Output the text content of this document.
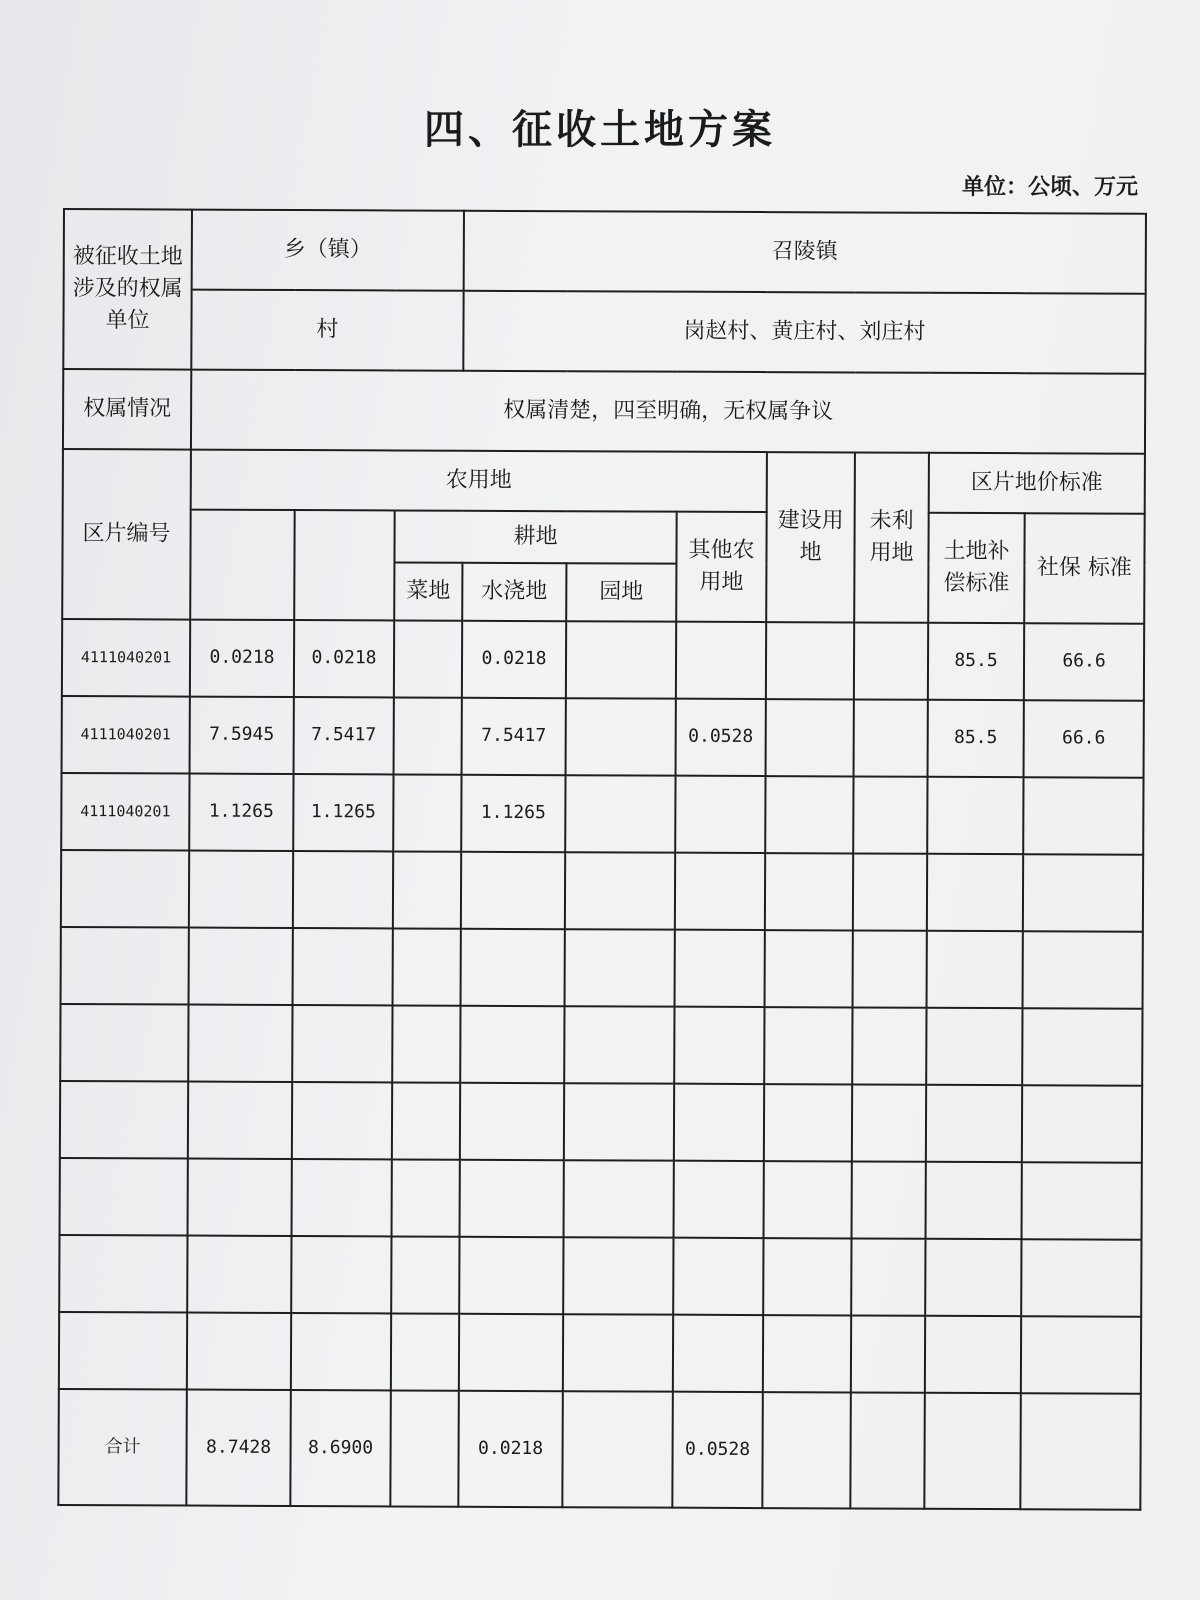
四、征收土地方案
单位：公顷、万元
被征收土地涉及的权属单位	乡（镇）			召陵镇						
	村			岗赵村、黄庄村、刘庄村						
权属情况	权属清楚，四至明确，无权属争议									
区片编号	农用地						建设用地	未利用地	区片地价标准	
			耕地			其他农用地			土地补偿标准	社保 标准
			菜地	水浇地	园地					
4111040201	0.0218	0.0218		0.0218					85.5	66.6
4111040201	7.5945	7.5417		7.5417		0.0528			85.5	66.6
4111040201	1.1265	1.1265		1.1265						

合计	8.7428	8.6900		0.0218		0.0528				
